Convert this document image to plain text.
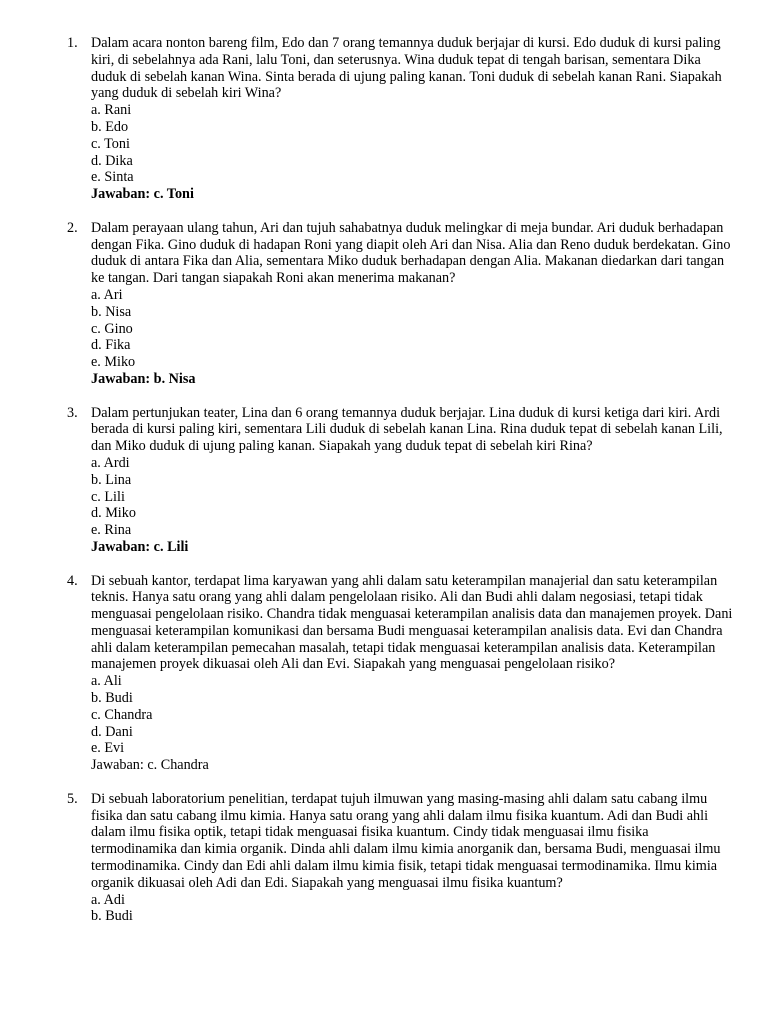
1. Dalam acara nonton bareng film, Edo dan 7 orang temannya duduk berjajar di kursi. Edo duduk di kursi paling kiri, di sebelahnya ada Rani, lalu Toni, dan seterusnya. Wina duduk tepat di tengah barisan, sementara Dika duduk di sebelah kanan Wina. Sinta berada di ujung paling kanan. Toni duduk di sebelah kanan Rani. Siapakah yang duduk di sebelah kiri Wina?
a. Rani
b. Edo
c. Toni
d. Dika
e. Sinta
Jawaban: c. Toni
2. Dalam perayaan ulang tahun, Ari dan tujuh sahabatnya duduk melingkar di meja bundar. Ari duduk berhadapan dengan Fika. Gino duduk di hadapan Roni yang diapit oleh Ari dan Nisa. Alia dan Reno duduk berdekatan. Gino duduk di antara Fika dan Alia, sementara Miko duduk berhadapan dengan Alia. Makanan diedarkan dari tangan ke tangan. Dari tangan siapakah Roni akan menerima makanan?
a. Ari
b. Nisa
c. Gino
d. Fika
e. Miko
Jawaban: b. Nisa
3. Dalam pertunjukan teater, Lina dan 6 orang temannya duduk berjajar. Lina duduk di kursi ketiga dari kiri. Ardi berada di kursi paling kiri, sementara Lili duduk di sebelah kanan Lina. Rina duduk tepat di sebelah kanan Lili, dan Miko duduk di ujung paling kanan. Siapakah yang duduk tepat di sebelah kiri Rina?
a. Ardi
b. Lina
c. Lili
d. Miko
e. Rina
Jawaban: c. Lili
4. Di sebuah kantor, terdapat lima karyawan yang ahli dalam satu keterampilan manajerial dan satu keterampilan teknis. Hanya satu orang yang ahli dalam pengelolaan risiko. Ali dan Budi ahli dalam negosiasi, tetapi tidak menguasai pengelolaan risiko. Chandra tidak menguasai keterampilan analisis data dan manajemen proyek. Dani menguasai keterampilan komunikasi dan bersama Budi menguasai keterampilan analisis data. Evi dan Chandra ahli dalam keterampilan pemecahan masalah, tetapi tidak menguasai keterampilan analisis data. Keterampilan manajemen proyek dikuasai oleh Ali dan Evi. Siapakah yang menguasai pengelolaan risiko?
a. Ali
b. Budi
c. Chandra
d. Dani
e. Evi
Jawaban: c. Chandra
5. Di sebuah laboratorium penelitian, terdapat tujuh ilmuwan yang masing-masing ahli dalam satu cabang ilmu fisika dan satu cabang ilmu kimia. Hanya satu orang yang ahli dalam ilmu fisika kuantum. Adi dan Budi ahli dalam ilmu fisika optik, tetapi tidak menguasai fisika kuantum. Cindy tidak menguasai ilmu fisika termodinamika dan kimia organik. Dinda ahli dalam ilmu kimia anorganik dan, bersama Budi, menguasai ilmu termodinamika. Cindy dan Edi ahli dalam ilmu kimia fisik, tetapi tidak menguasai termodinamika. Ilmu kimia organik dikuasai oleh Adi dan Edi. Siapakah yang menguasai ilmu fisika kuantum?
a. Adi
b. Budi
